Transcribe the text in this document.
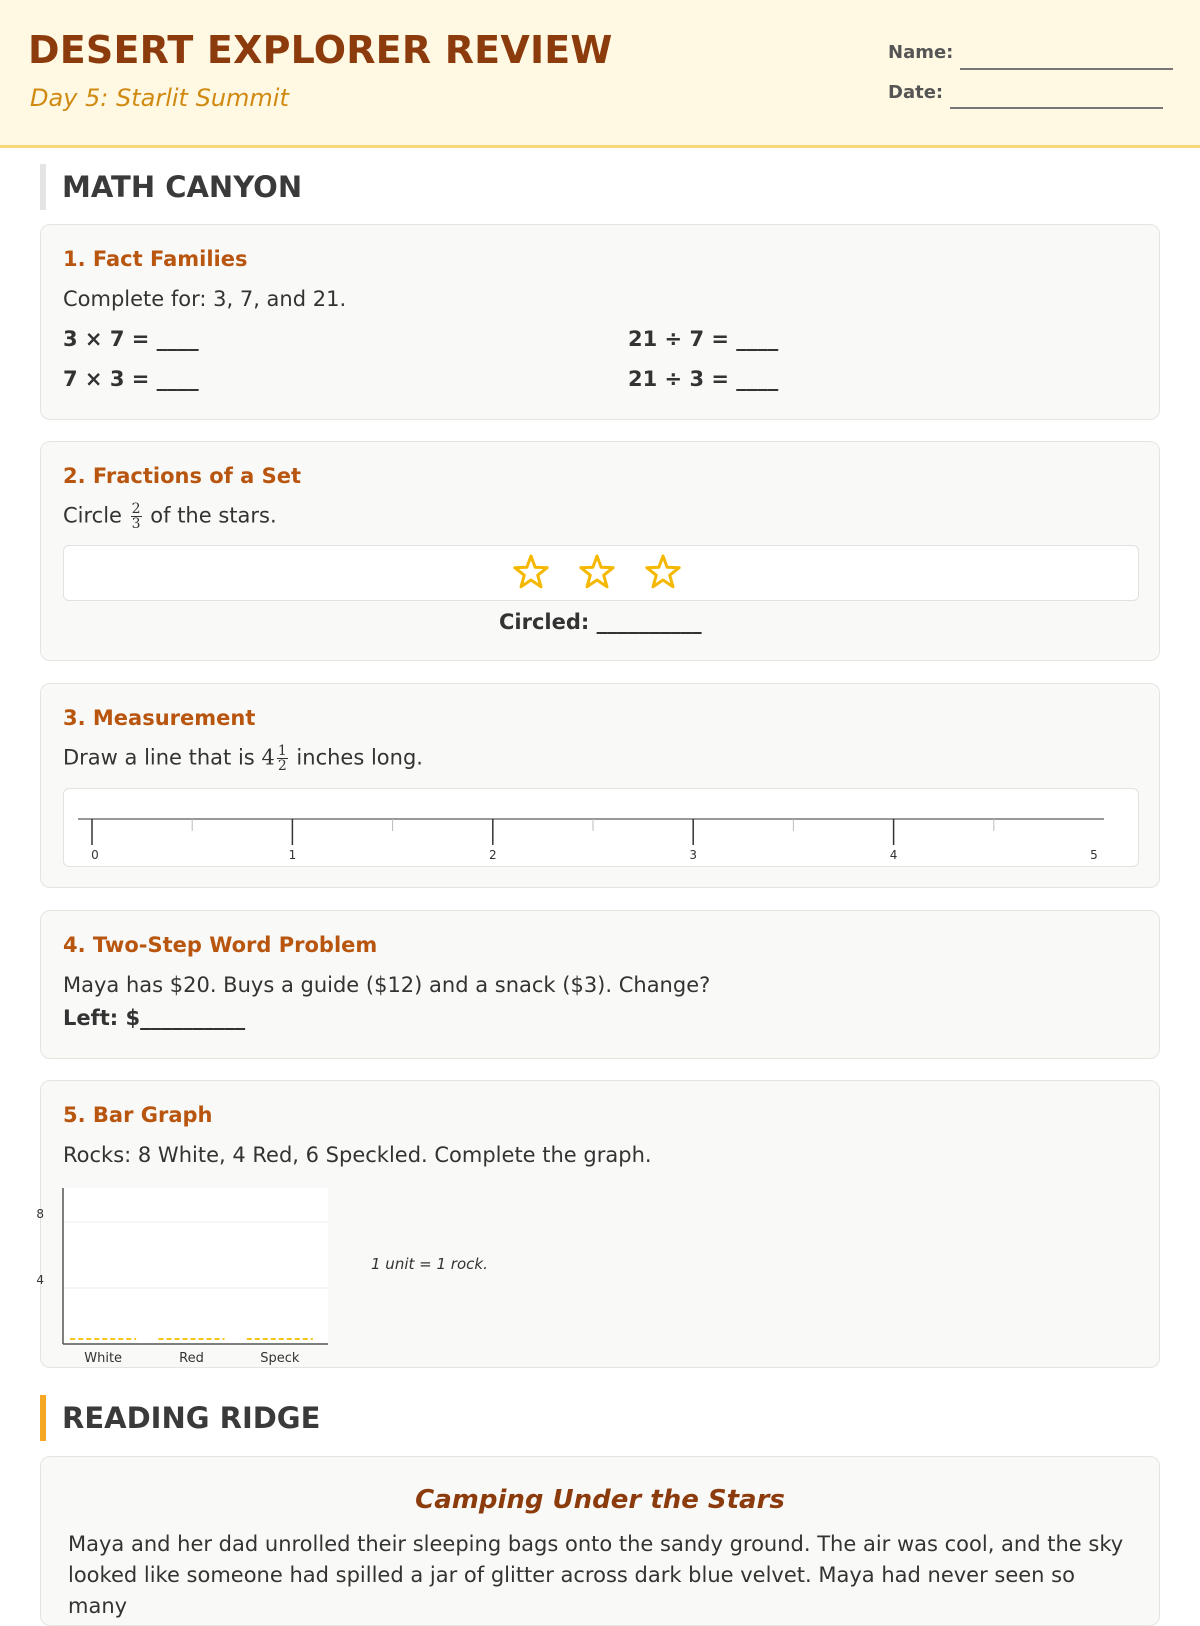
DESERT EXPLORER REVIEW
Day 5: Starlit Summit
Name:
Date:
MATH CANYON
1. Fact Families
Complete for: 3, 7, and 21.
3 × 7 = ____
7 × 3 = ____
21 ÷ 7 = ____
21 ÷ 3 = ____
2. Fractions of a Set
Circle $\frac{2}{3}$ of the stars.
Circled: __________
3. Measurement
Draw a line that is $4 \frac{1}{2}$ inches long.
0	1	2	3	4	5
4. Two-Step Word Problem
Maya has $20. Buys a guide ($12) and a snack ($3). Change?
Left: $__________
5. Bar Graph
Rocks: 8 White, 4 Red, 6 Speckled. Complete the graph.
1 unit = 1 rock.
8
4
White	Red	Speck
READING RIDGE
Camping Under the Stars
Maya and her dad unrolled their sleeping bags onto the sandy ground. The air was cool, and the sky looked like someone had spilled a jar of glitter across dark blue velvet. Maya had never seen so many
